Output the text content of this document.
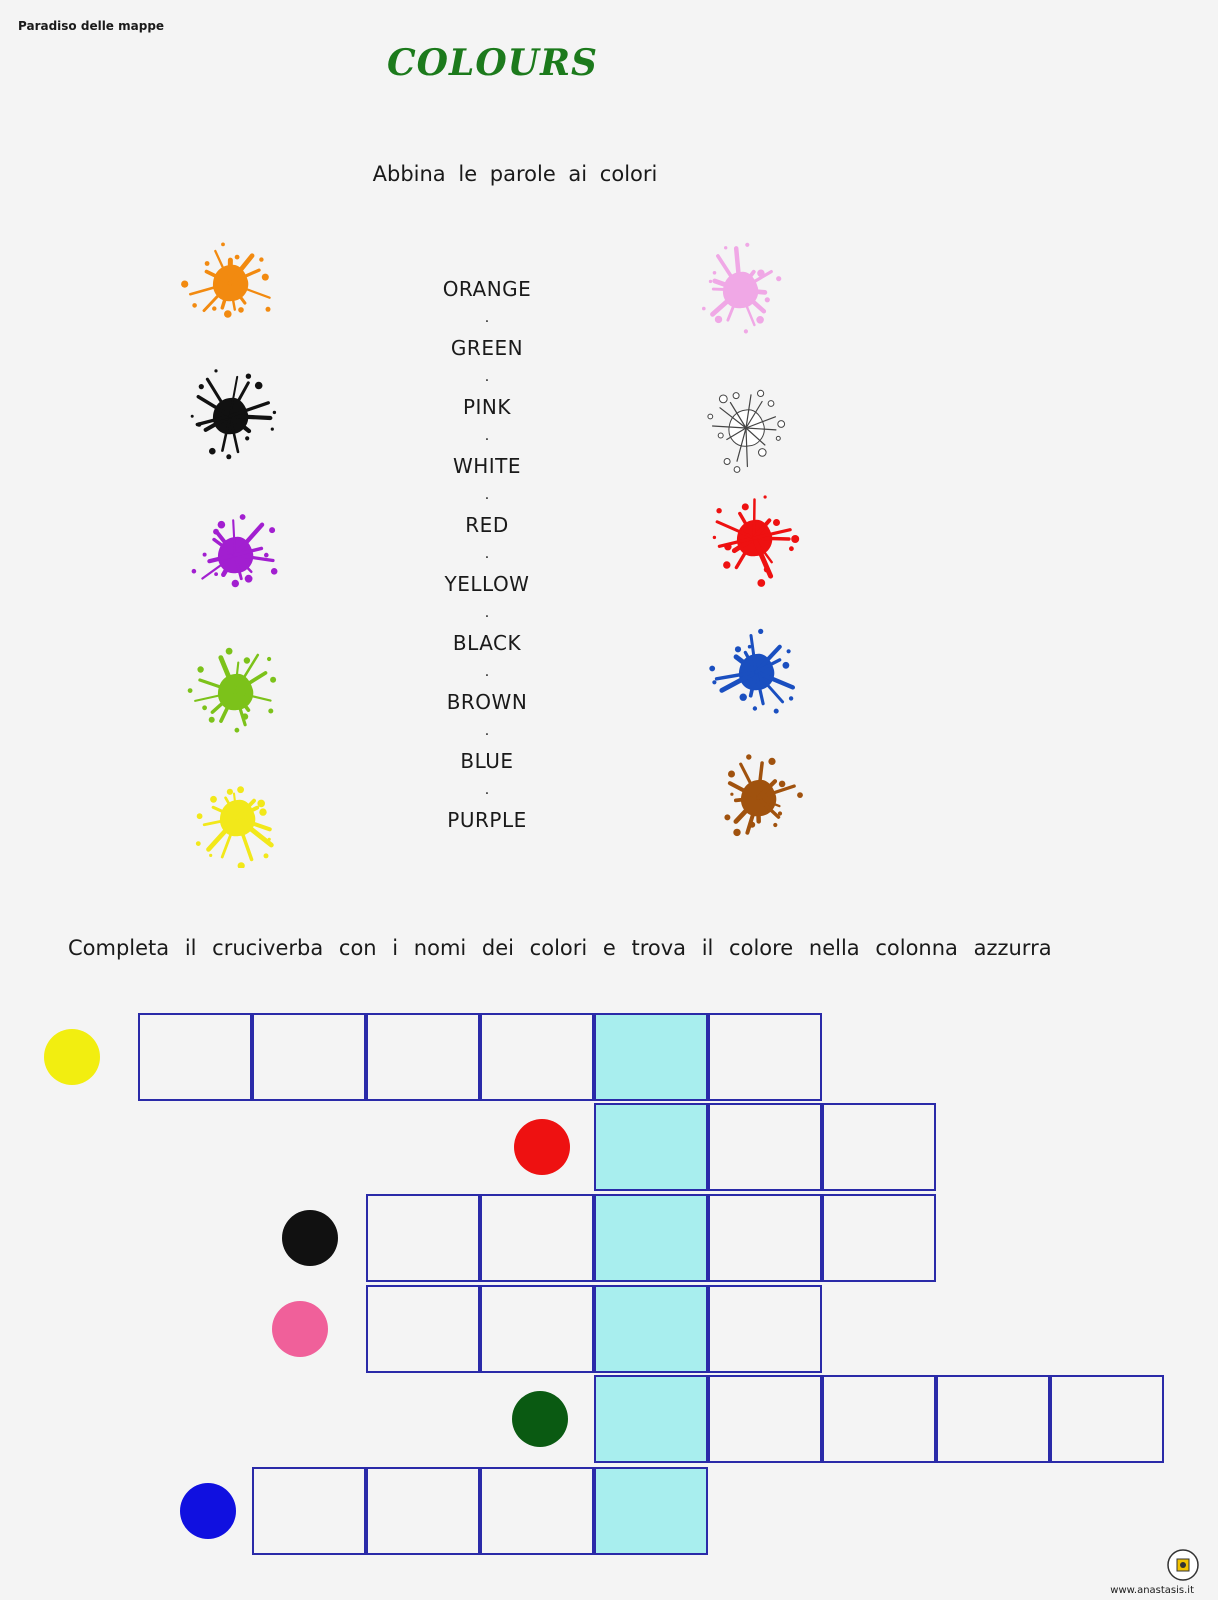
Paradiso delle mappe
COLOURS
Abbina le parole ai colori
ORANGE
GREEN
.
PINK
.
WHITE
.
RED
.
YELLOW
.
BLACK
.
BROWN
.
BLUE
.
PURPLE
.
Completa il cruciverba con i nomi dei colori e trova il colore nella colonna azzurra
www.anastasis.it
